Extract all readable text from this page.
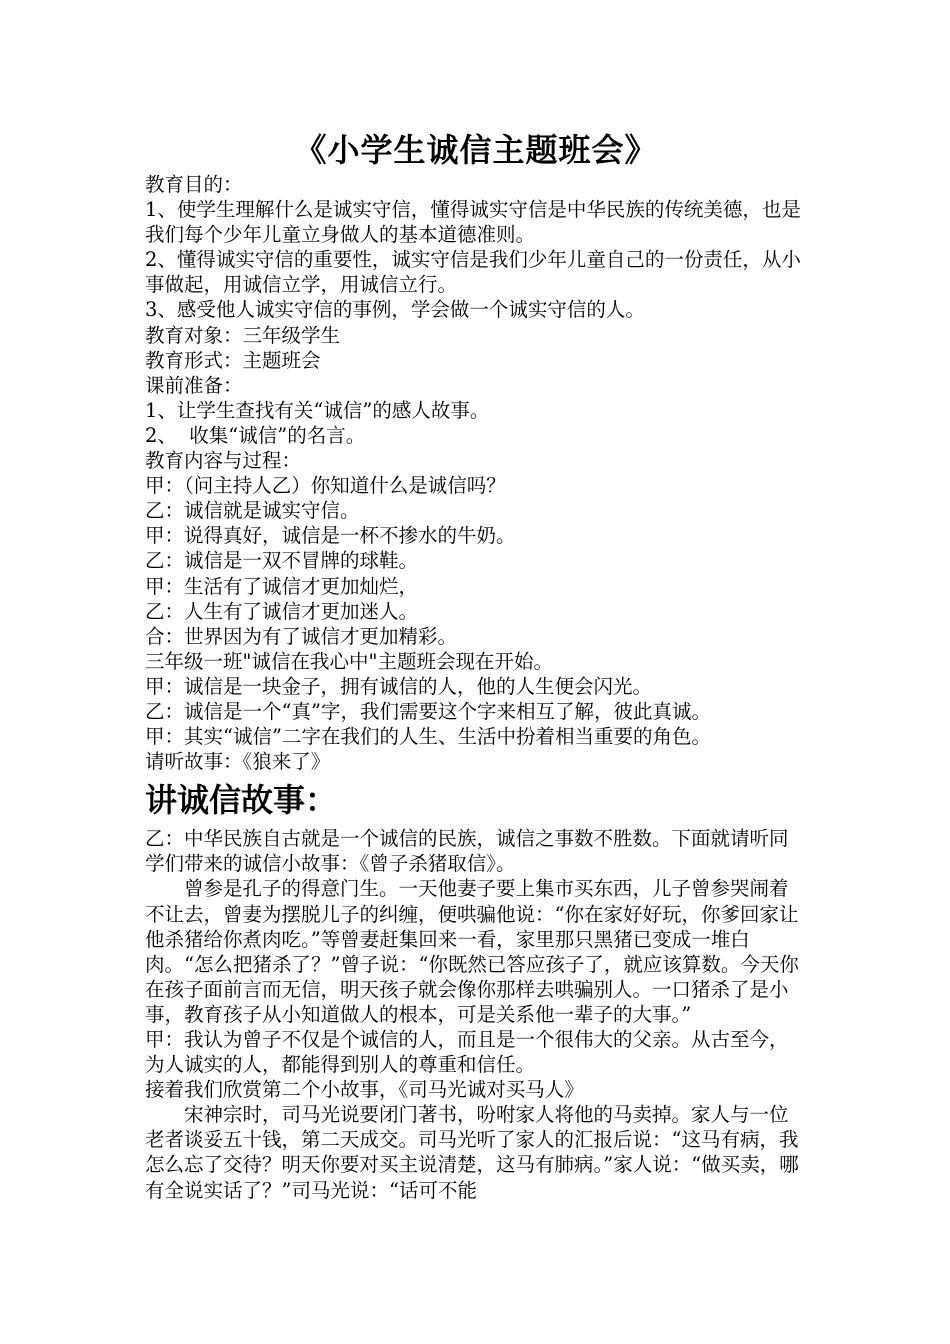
《小学生诚信主题班会》

教育目的：

1、使学生理解什么是诚实守信，懂得诚实守信是中华民族的传统美德，也是我们每个少年儿童立身做人的基本道德准则。

2、懂得诚实守信的重要性，诚实守信是我们少年儿童自己的一份责任，从小事做起，用诚信立学，用诚信立行。

3、感受他人诚实守信的事例，学会做一个诚实守信的人。

教育对象：三年级学生

教育形式：主题班会

课前准备：

1、让学生查找有关“诚信”的感人故事。

2、  收集“诚信”的名言。

教育内容与过程：

甲：（问主持人乙）你知道什么是诚信吗？

乙：诚信就是诚实守信。

甲：说得真好，诚信是一杯不掺水的牛奶。

乙：诚信是一双不冒牌的球鞋。

甲：生活有了诚信才更加灿烂，

乙：人生有了诚信才更加迷人。

合：世界因为有了诚信才更加精彩。

三年级一班"诚信在我心中"主题班会现在开始。

甲：诚信是一块金子，拥有诚信的人，他的人生便会闪光。

乙：诚信是一个“真”字，我们需要这个字来相互了解，彼此真诚。

甲：其实“诚信”二字在我们的人生、生活中扮着相当重要的角色。

请听故事：《狼来了》

讲诚信故事：

乙：中华民族自古就是一个诚信的民族，诚信之事数不胜数。下面就请听同学们带来的诚信小故事：《曾子杀猪取信》。

曾参是孔子的得意门生。一天他妻子要上集市买东西，儿子曾参哭闹着不让去，曾妻为摆脱儿子的纠缠，便哄骗他说：“你在家好好玩，你爹回家让他杀猪给你煮肉吃。”等曾妻赶集回来一看，家里那只黑猪已变成一堆白肉。“怎么把猪杀了？”曾子说：“你既然已答应孩子了，就应该算数。今天你在孩子面前言而无信，明天孩子就会像你那样去哄骗别人。一口猪杀了是小事，教育孩子从小知道做人的根本，可是关系他一辈子的大事。”

甲：我认为曾子不仅是个诚信的人，而且是一个很伟大的父亲。从古至今，为人诚实的人，都能得到别人的尊重和信任。

接着我们欣赏第二个小故事，《司马光诚对买马人》

宋神宗时，司马光说要闭门著书，吩咐家人将他的马卖掉。家人与一位老者谈妥五十钱，第二天成交。司马光听了家人的汇报后说：“这马有病，我怎么忘了交待？明天你要对买主说清楚，这马有肺病。”家人说：“做买卖，哪有全说实话了？”司马光说：“话可不能
